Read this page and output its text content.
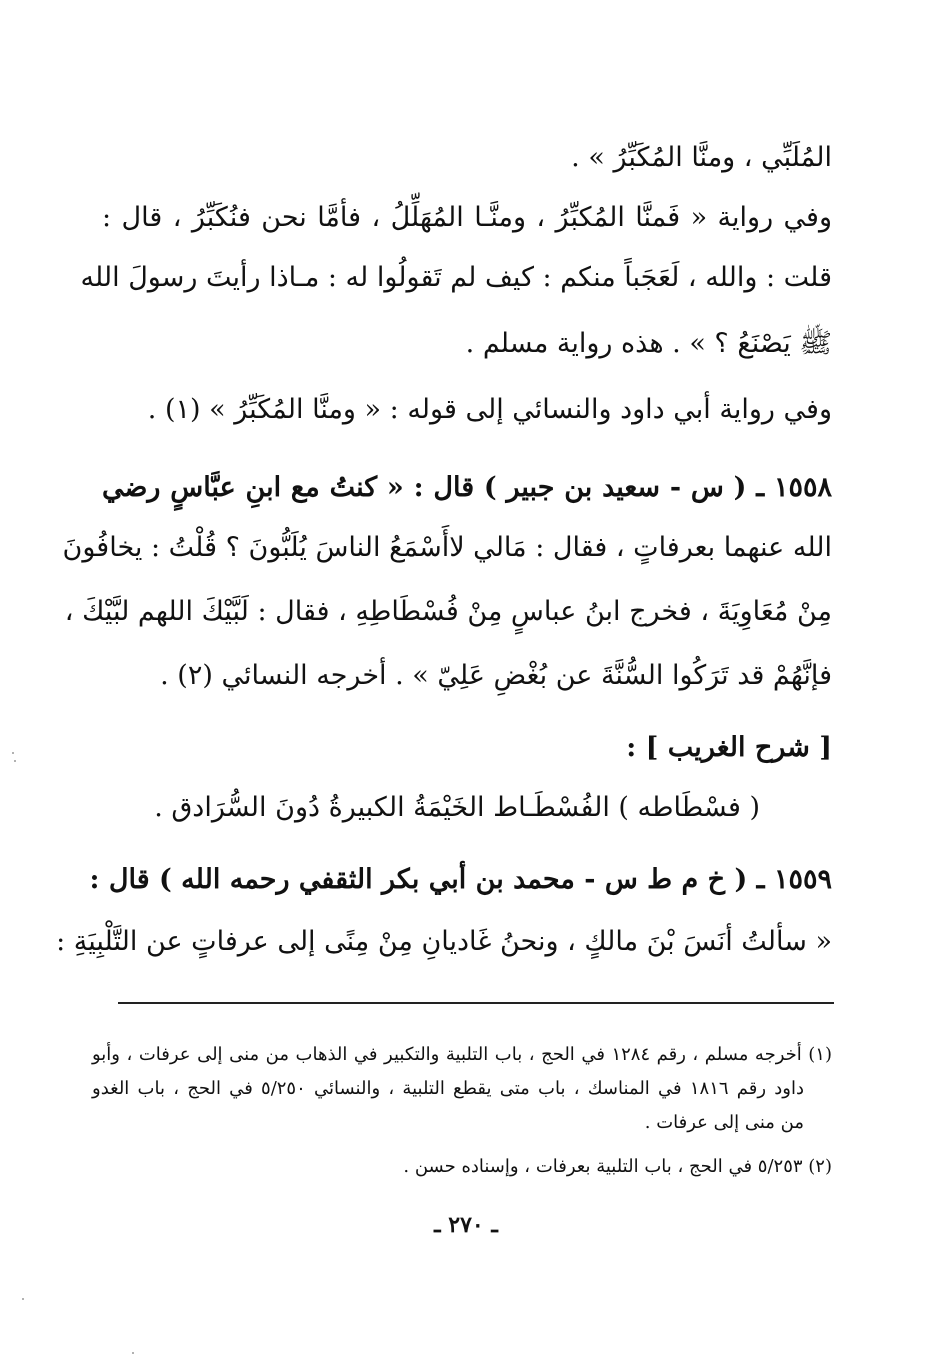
المُلَبِّي ، ومنَّا المُكَبِّرُ » .
وفي رواية « فَمنَّا المُكبِّرُ ، ومنَّـا المُهَلِّلُ ، فأمَّا نحن فنُكَبِّرُ ، قال :
قلت : والله ، لَعَجَباً منكم : كيف لم تَقولُوا له : مـاذا رأيتَ رسولَ الله
ﷺ يَصْنَعُ ؟ » . هذه رواية مسلم .
وفي رواية أبي داود والنسائي إلى قوله : « ومنَّا المُكَبِّرُ » (١) .
١٥٥٨ ـ ( س - سعيد بن جبير ) قال : « كنتُ مع ابنِ عبَّاسٍ رضي
الله عنهما بعرفاتٍ ، فقال : مَالي لاأَسْمَعُ الناسَ يُلَبُّونَ ؟ قُلْتُ : يخافُونَ
مِنْ مُعَاوِيَةَ ، فخرج ابنُ عباسٍ مِنْ فُسْطَاطِهِ ، فقال : لَبَّيْكَ اللهم لبَّيْكَ ،
فإنَّهُمْ قد تَرَكُوا السُّنَّةَ عن بُغْضِ عَلِيّ » . أخرجه النسائي (٢) .
[ شرح الغريب ] :
( فسْطَاطه ) الفُسْطَـاط الخَيْمَةُ الكبيرةُ دُونَ السُّرَادق .
١٥٥٩ ـ ( خ م ط س - محمد بن أبي بكر الثقفي رحمه الله ) قال :
« سألتُ أنَسَ بْنَ مالكٍ ، ونحنُ غَاديانِ مِنْ مِنًى إلى عرفاتٍ عن التَّلْبِيَةِ :
(١) أخرجه مسلم ، رقم ١٢٨٤ في الحج ، باب التلبية والتكبير في الذهاب من منى إلى عرفات ، وأبو
داود رقم ١٨١٦ في المناسك ، باب متى يقطع التلبية ، والنسائي ٥/٢٥٠ في الحج ، باب الغدو
من منى إلى عرفات .
(٢) ٥/٢٥٣ في الحج ، باب التلبية بعرفات ، وإسناده حسن .
ـ ٢٧٠ ـ
